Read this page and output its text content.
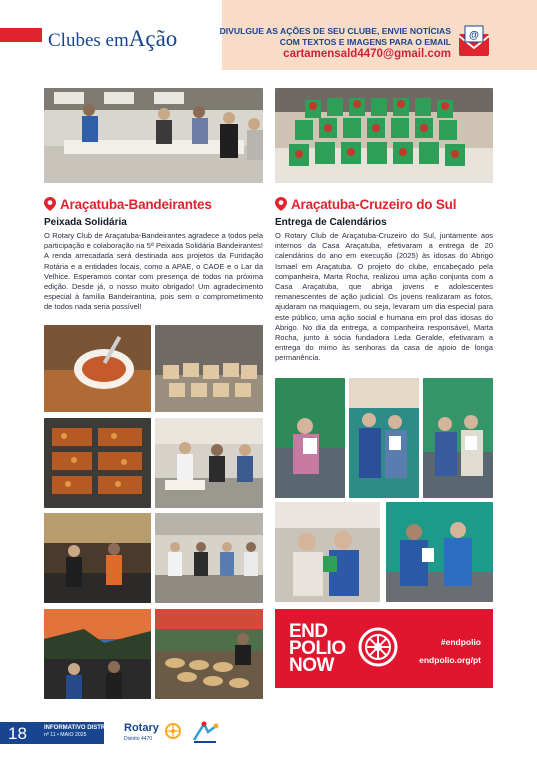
Clubes emAção	DIVULGUE AS AÇÕES DE SEU CLUBE, ENVIE NOTÍCIAS
COM TEXTOS E IMAGENS PARA O EMAIL
cartamensald4470@gmail.com
@
Araçatuba-Bandeirantes
Peixada Solidária
O Rotary Club de Araçatuba-Bandeirantes agradece a todos pela participação e colaboração na 5ª Peixada Solidária Bandeirantes! A renda arrecadada será destinada aos projetos da Fundação Rotária e a entidades locais, como a APAE, o CAOE e o Lar da Velhice. Esperamos contar com presença de todos na próxima edição. Desde já, o nosso muito obrigado! Um agradecimento especial à família Bandeirantina, pois sem o comprometimento de todos nada seria possível!
Araçatuba-Cruzeiro do Sul
Entrega de Calendários
O Rotary Club de Araçatuba-Cruzeiro do Sul, juntamente aos internos da Casa Araçatuba, efetivaram a entrega de 20 calendários do ano em execução (2025) às idosas do Abrigo Ismael em Araçatuba. O projeto do clube, encabeçado pela companheira, Marta Rocha, realizou uma ação conjunta com a Casa Araçatuba, que abriga jovens e adolescentes remanescentes de ação judicial. Os jovens realizaram as fotos, ajudaram na maquiagem, ou seja, levaram um dia especial para este público, uma ação social e humana em prol das idosas do Abrigo. No dia da entrega, a companheira responsável, Marta Rocha, junto à sócia fundadora Leda Geralde, efetivaram a entrega do mimo às senhoras da casa de apoio de longa permanência.
END
POLIO
NOW
#endpolio
endpolio.org/pt
18	INFORMATIVO DISTRITAL 4470
nº 11 • MAIO 2025
Rotary
Distrito 4470
